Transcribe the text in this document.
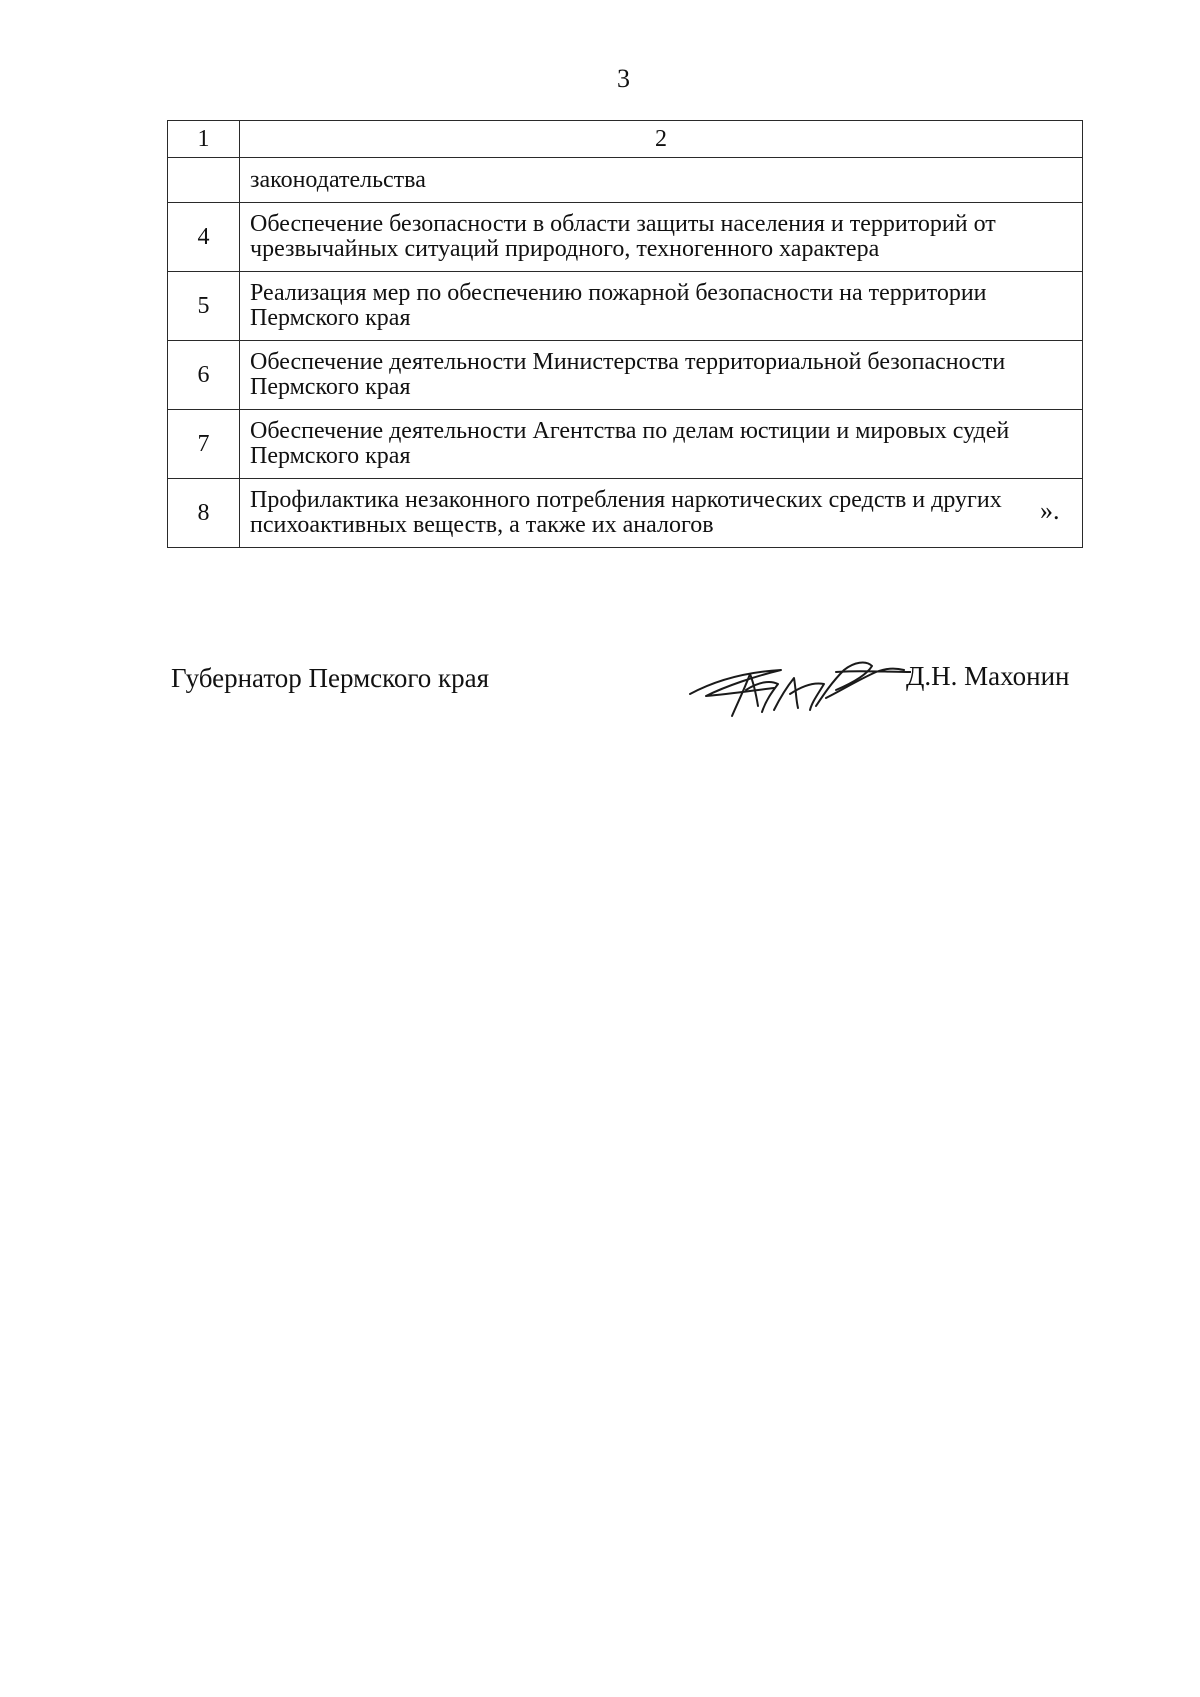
3
1	2
	законодательства
4	Обеспечение безопасности в области защиты населения и территорий от чрезвычайных ситуаций природного, техногенного характера
5	Реализация мер по обеспечению пожарной безопасности на территории Пермского края
6	Обеспечение деятельности Министерства территориальной безопасности Пермского края
7	Обеспечение деятельности Агентства по делам юстиции и мировых судей Пермского края
8	Профилактика незаконного потребления наркотических средств и других психоактивных веществ, а также их аналогов	».
Губернатор Пермского края	Д.Н. Махонин
